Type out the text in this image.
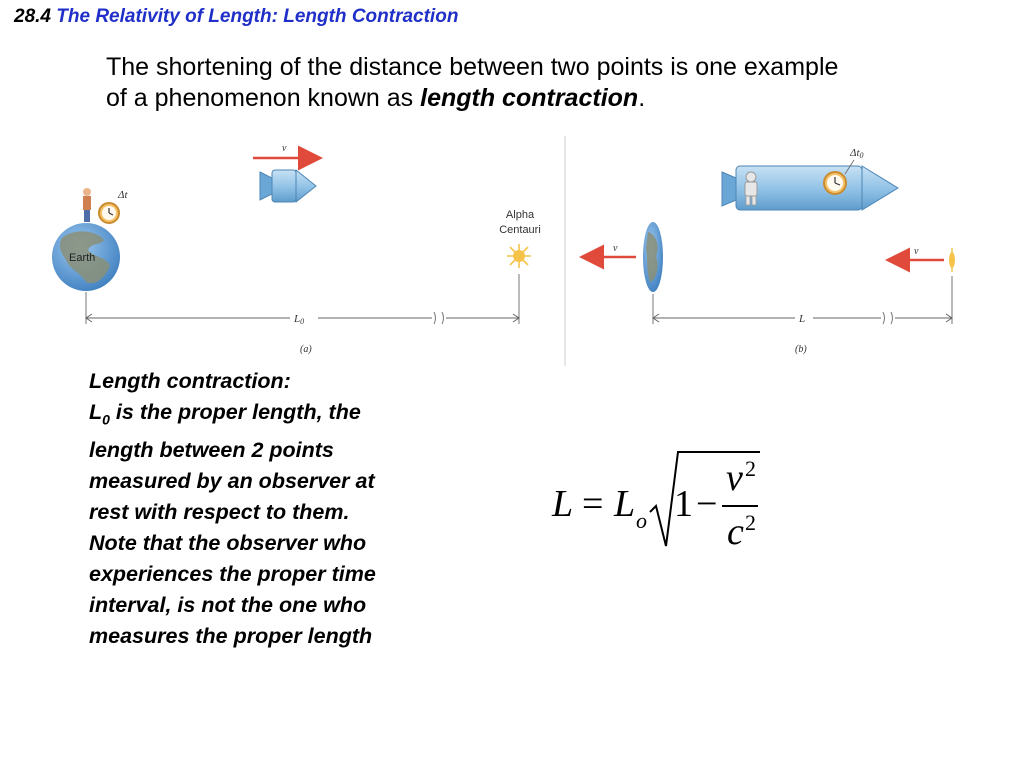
28.4 The Relativity of Length: Length Contraction
The shortening of the distance between two points is one example of a phenomenon known as length contraction.
v
Δt
Earth
Alpha
Centauri
L0
(a)
Δt0
v	v
L
(b)

Length contraction:

$L_0$ is the proper length, the length between 2 points measured by an observer at rest with respect to them.

Note that the observer who experiences the proper time interval, is not the one who measures the proper length

L = L o 1 −
v 2
c 2
